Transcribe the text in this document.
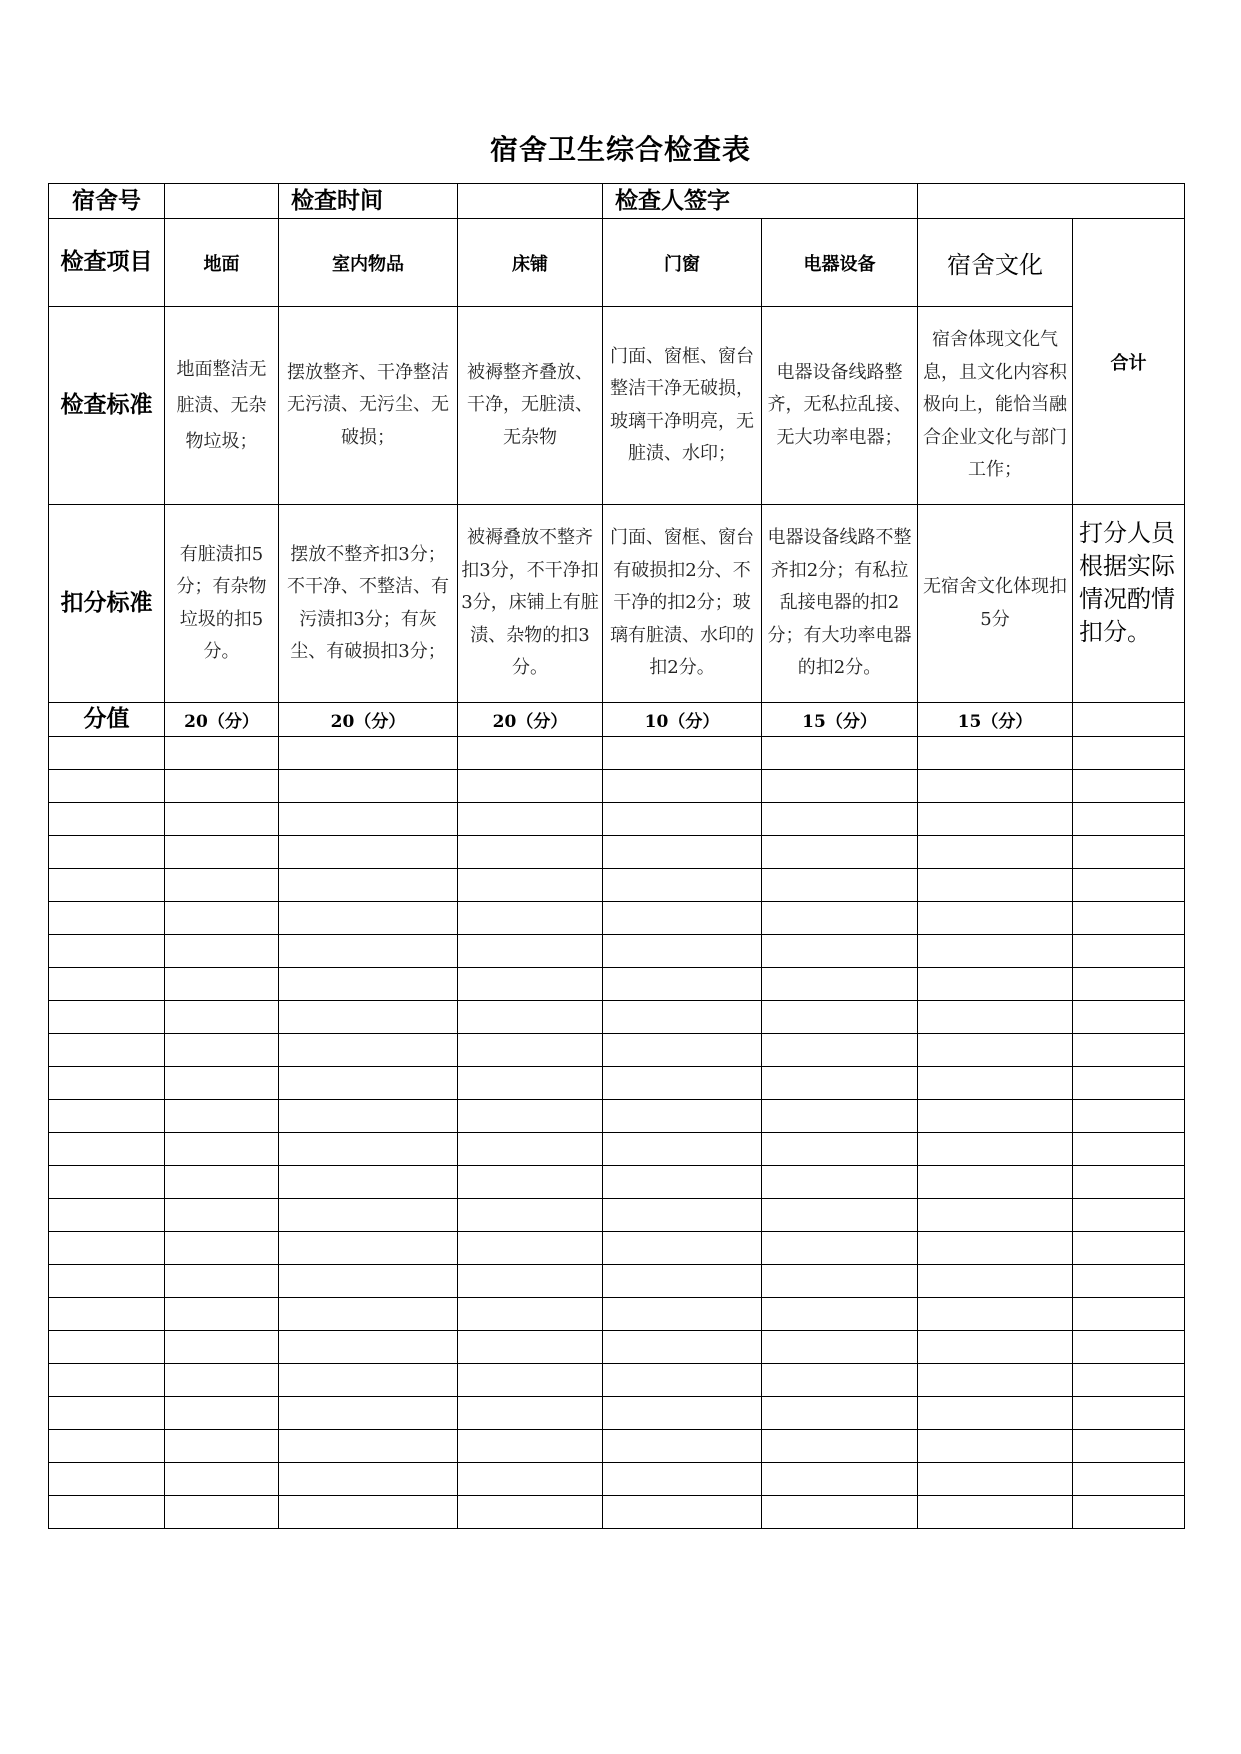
宿舍卫生综合检查表
宿舍号		检查时间		检查人签字			
检查项目	地面	室内物品	床铺	门窗	电器设备	宿舍文化	合计
检查标准	地面整洁无脏渍、无杂物垃圾；	摆放整齐、干净整洁无污渍、无污尘、无破损；	被褥整齐叠放、干净，无脏渍、无杂物	门面、窗框、窗台整洁干净无破损，玻璃干净明亮，无脏渍、水印；	电器设备线路整齐，无私拉乱接、无大功率电器；	宿舍体现文化气息，且文化内容积极向上，能恰当融合企业文化与部门工作；	

扣分标准	有脏渍扣5分；有杂物垃圾的扣5分。	摆放不整齐扣3分；不干净、不整洁、有污渍扣3分；有灰尘、有破损扣3分；	被褥叠放不整齐扣3分，不干净扣3分，床铺上有脏渍、杂物的扣3分。	门面、窗框、窗台有破损扣2分、不干净的扣2分；玻璃有脏渍、水印的扣2分。	电器设备线路不整齐扣2分；有私拉乱接电器的扣2分；有大功率电器的扣2分。	无宿舍文化体现扣5分	打分人员根据实际情况酌情扣分。
分值	20（分）	20（分）	20（分）	10（分）	15（分）	15（分）	
